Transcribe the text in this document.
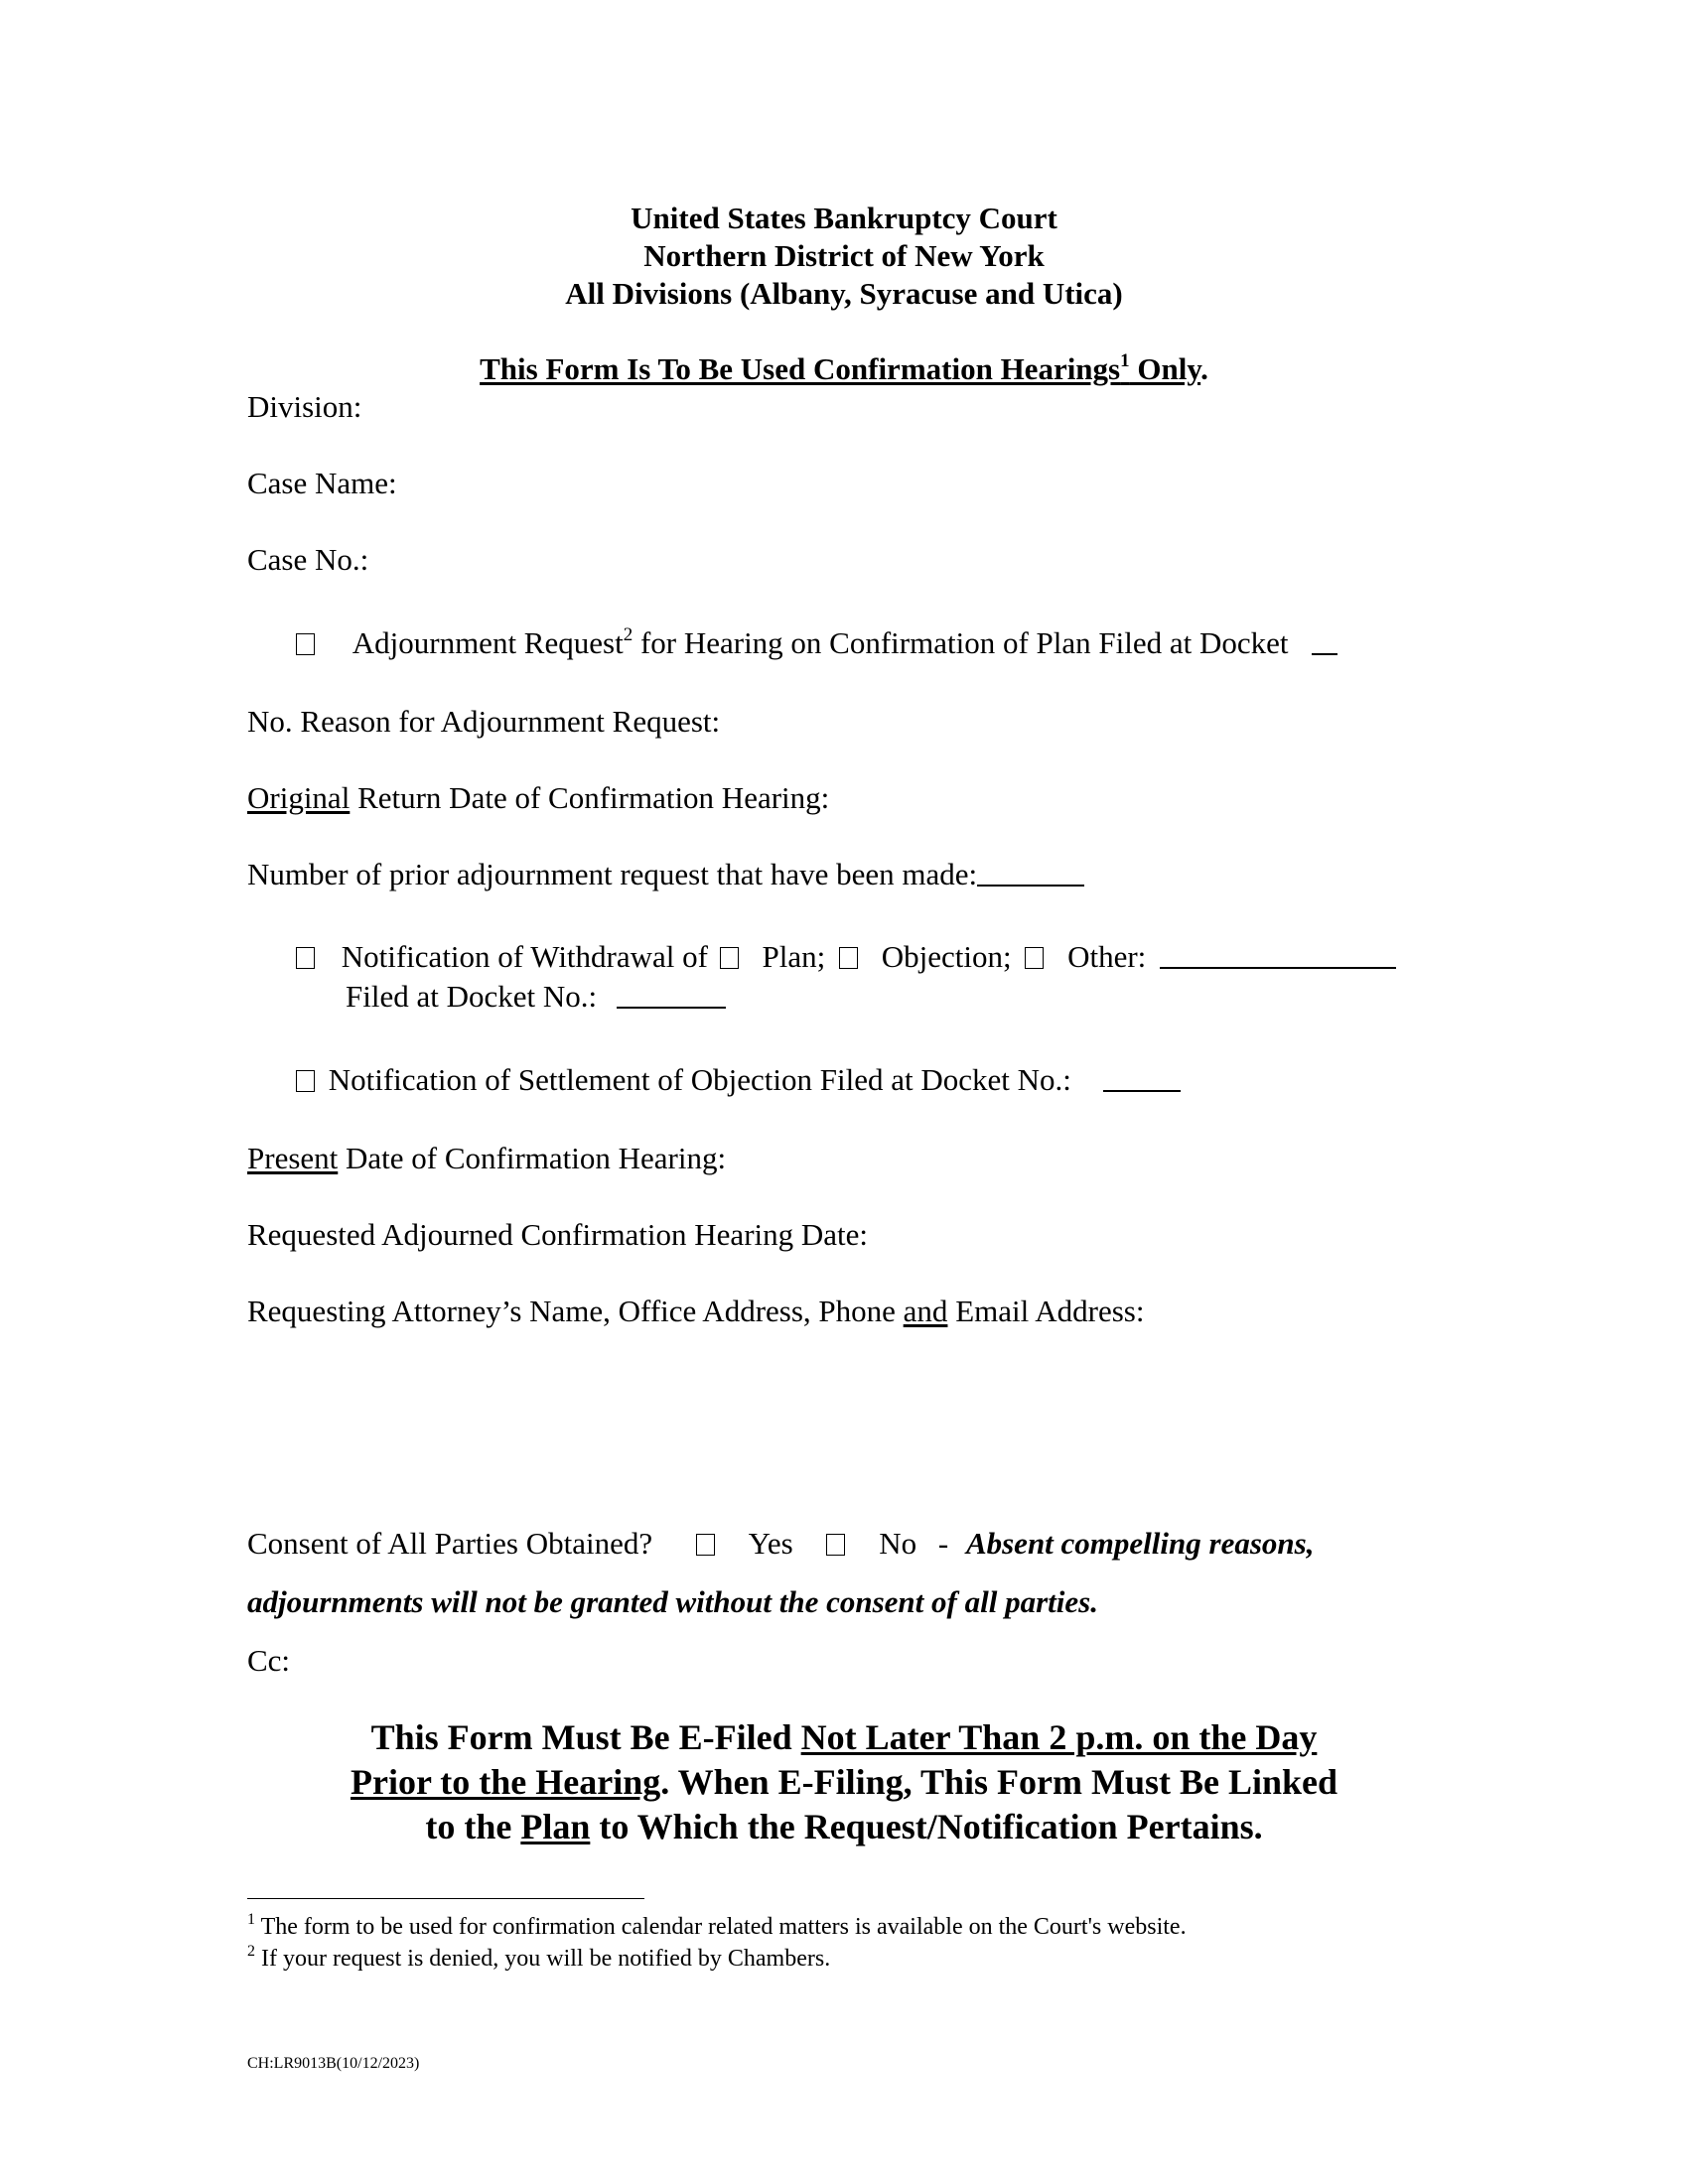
United States Bankruptcy Court
Northern District of New York
All Divisions (Albany, Syracuse and Utica)
This Form Is To Be Used Confirmation Hearings$^1$ Only.
Division:
Case Name:
Case No.:
Adjournment Request$^2$ for Hearing on Confirmation of Plan Filed at Docket
No. Reason for Adjournment Request:
Original Return Date of Confirmation Hearing:
Number of prior adjournment request that have been made:
Notification of Withdrawal of Plan; Objection; Other:
Filed at Docket No.:
Notification of Settlement of Objection Filed at Docket No.:
Present Date of Confirmation Hearing:
Requested Adjourned Confirmation Hearing Date:
Requesting Attorney’s Name, Office Address, Phone and Email Address:
Consent of All Parties Obtained?	Yes	No - Absent compelling reasons,
adjournments will not be granted without the consent of all parties.
Cc:
This Form Must Be E-Filed Not Later Than 2 p.m. on the Day
Prior to the Hearing. When E-Filing, This Form Must Be Linked
to the Plan to Which the Request/Notification Pertains.
$^1$ The form to be used for confirmation calendar related matters is available on the Court's website.
$^2$ If your request is denied, you will be notified by Chambers.
CH:LR9013B(10/12/2023)
